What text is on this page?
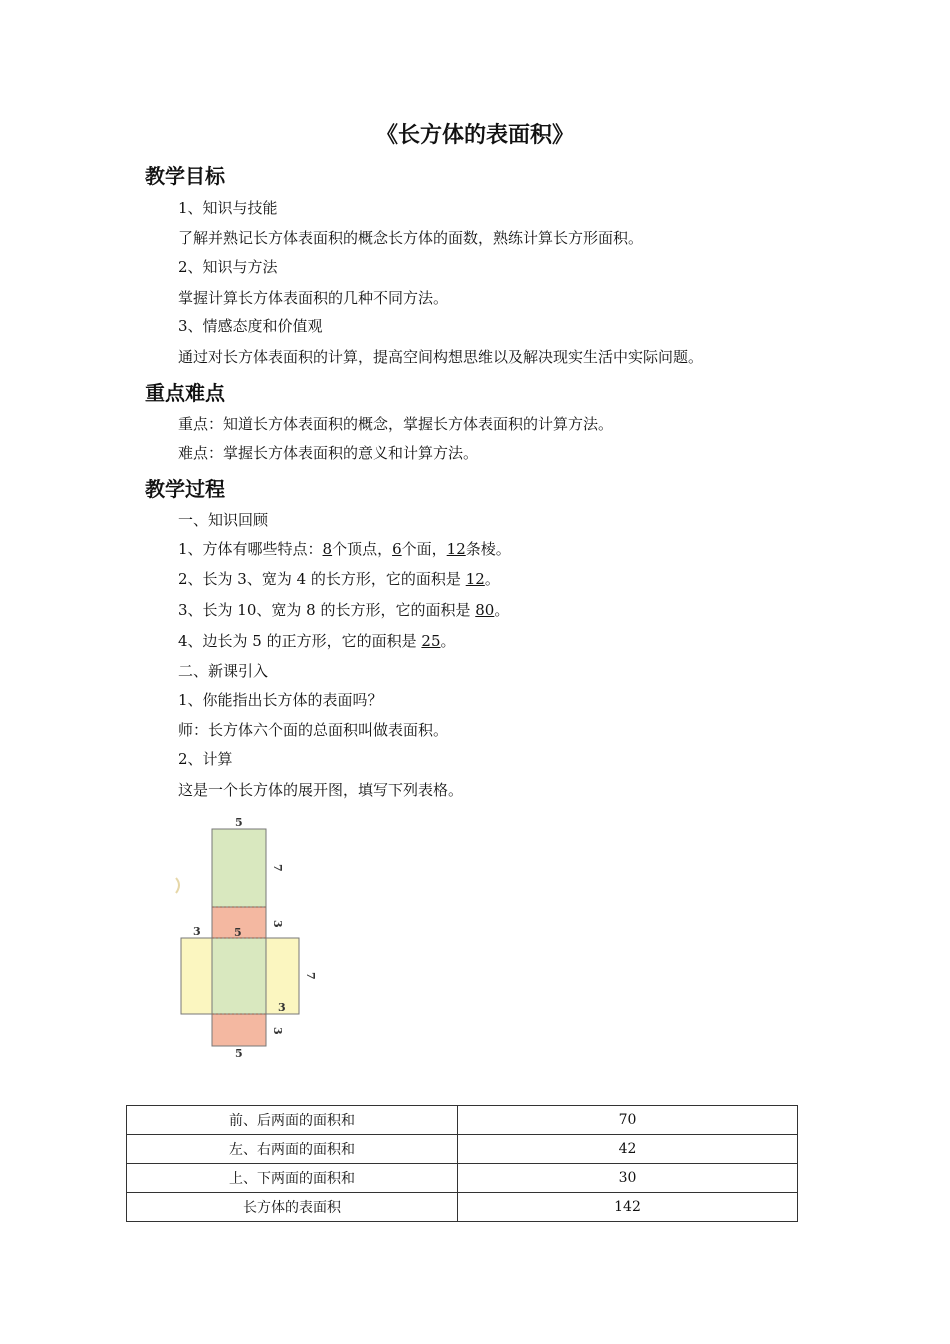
《长方体的表面积》
教学目标
1、知识与技能
了解并熟记长方体表面积的概念长方体的面数，熟练计算长方形面积。
2、知识与方法
掌握计算长方体表面积的几种不同方法。
3、情感态度和价值观
通过对长方体表面积的计算，提高空间构想思维以及解决现实生活中实际问题。
重点难点
重点：知道长方体表面积的概念，掌握长方体表面积的计算方法。
难点：掌握长方体表面积的意义和计算方法。
教学过程
一、知识回顾
1、方体有哪些特点：8个顶点，6个面，12条棱。
2、长为 3、宽为 4 的长方形，它的面积是 12。
3、长为 10、宽为 8 的长方形，它的面积是 80。
4、边长为 5 的正方形，它的面积是 25。
二、新课引入
1、你能指出长方体的表面吗？
师：长方体六个面的总面积叫做表面积。
2、计算
这是一个长方体的展开图，填写下列表格。
5
7
3
3	5
7
3
3
5
前、后两面的面积和	70
左、右两面的面积和	42
上、下两面的面积和	30
长方体的表面积	142
